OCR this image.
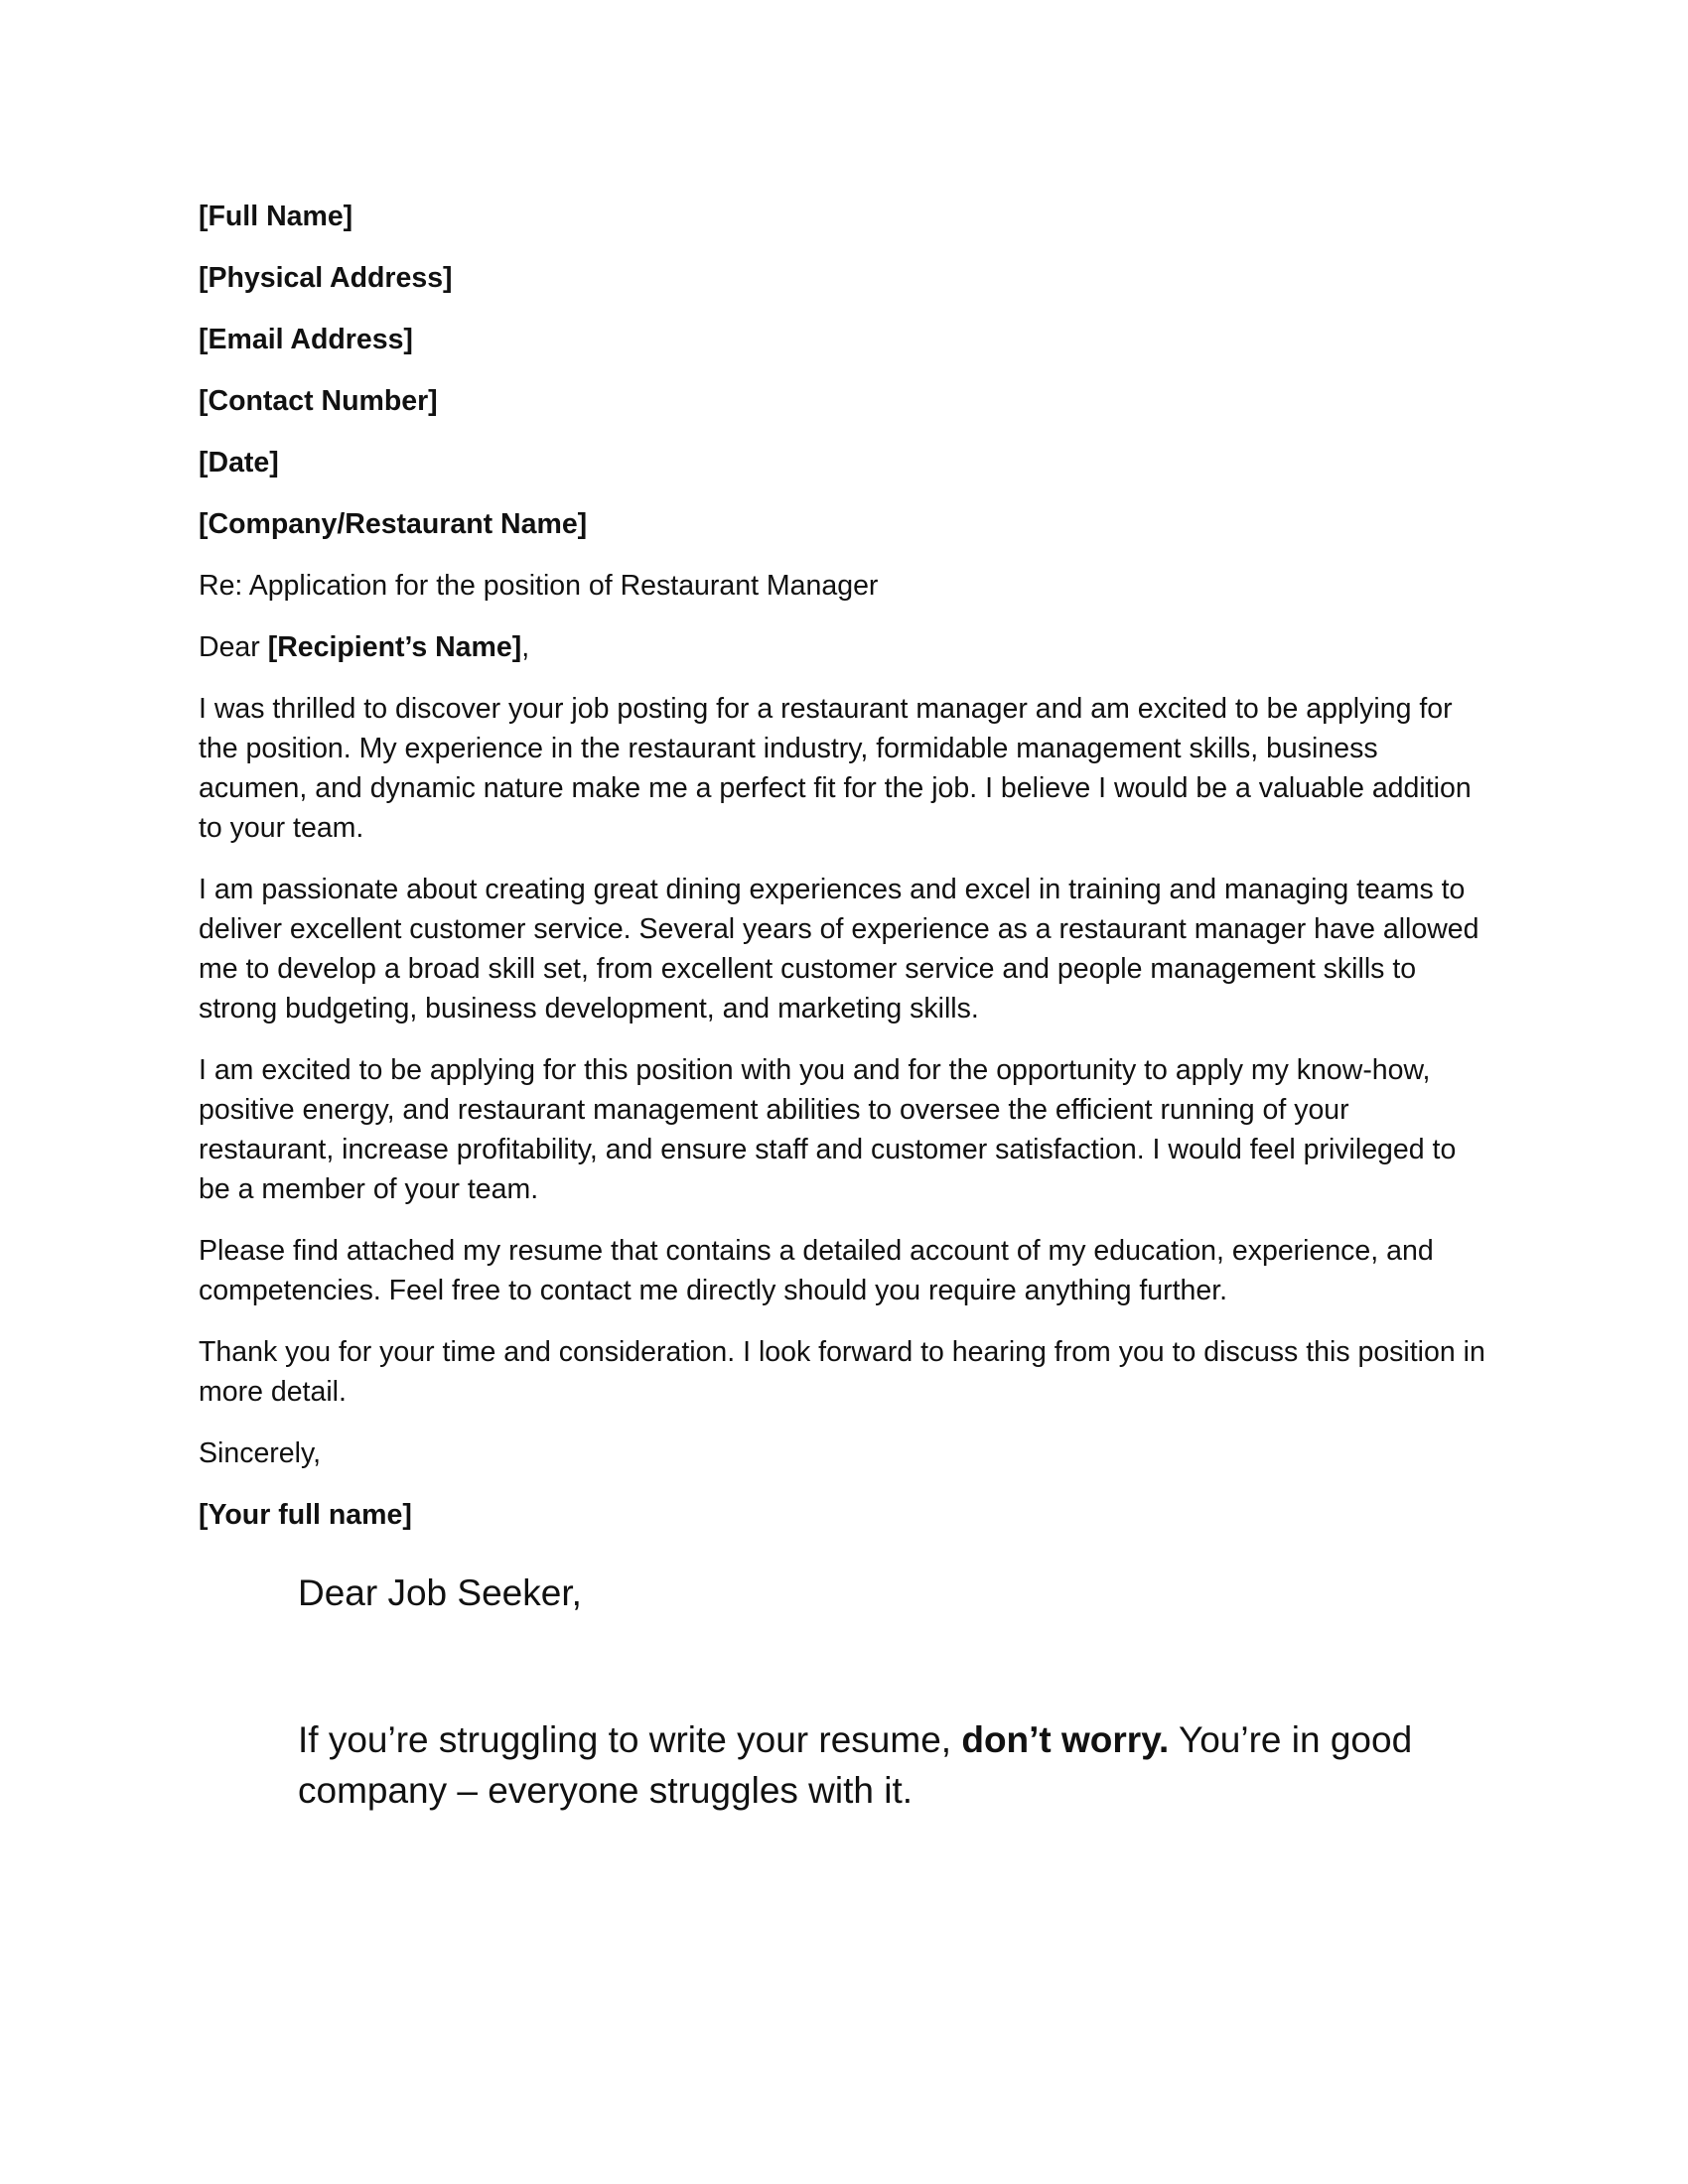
[Full Name]
[Physical Address]
[Email Address]
[Contact Number]
[Date]
[Company/Restaurant Name]
Re: Application for the position of Restaurant Manager
Dear [Recipient’s Name],

I was thrilled to discover your job posting for a restaurant manager and am excited to be applying for the position. My experience in the restaurant industry, formidable management skills, business acumen, and dynamic nature make me a perfect fit for the job. I believe I would be a valuable addition to your team.

I am passionate about creating great dining experiences and excel in training and managing teams to deliver excellent customer service. Several years of experience as a restaurant manager have allowed me to develop a broad skill set, from excellent customer service and people management skills to strong budgeting, business development, and marketing skills.

I am excited to be applying for this position with you and for the opportunity to apply my know-how, positive energy, and restaurant management abilities to oversee the efficient running of your restaurant, increase profitability, and ensure staff and customer satisfaction. I would feel privileged to be a member of your team.

Please find attached my resume that contains a detailed account of my education, experience, and competencies. Feel free to contact me directly should you require anything further.

Thank you for your time and consideration. I look forward to hearing from you to discuss this position in more detail.

Sincerely,
[Your full name]

Dear Job Seeker,

If you’re struggling to write your resume, don’t worry. You’re in good company – everyone struggles with it.
